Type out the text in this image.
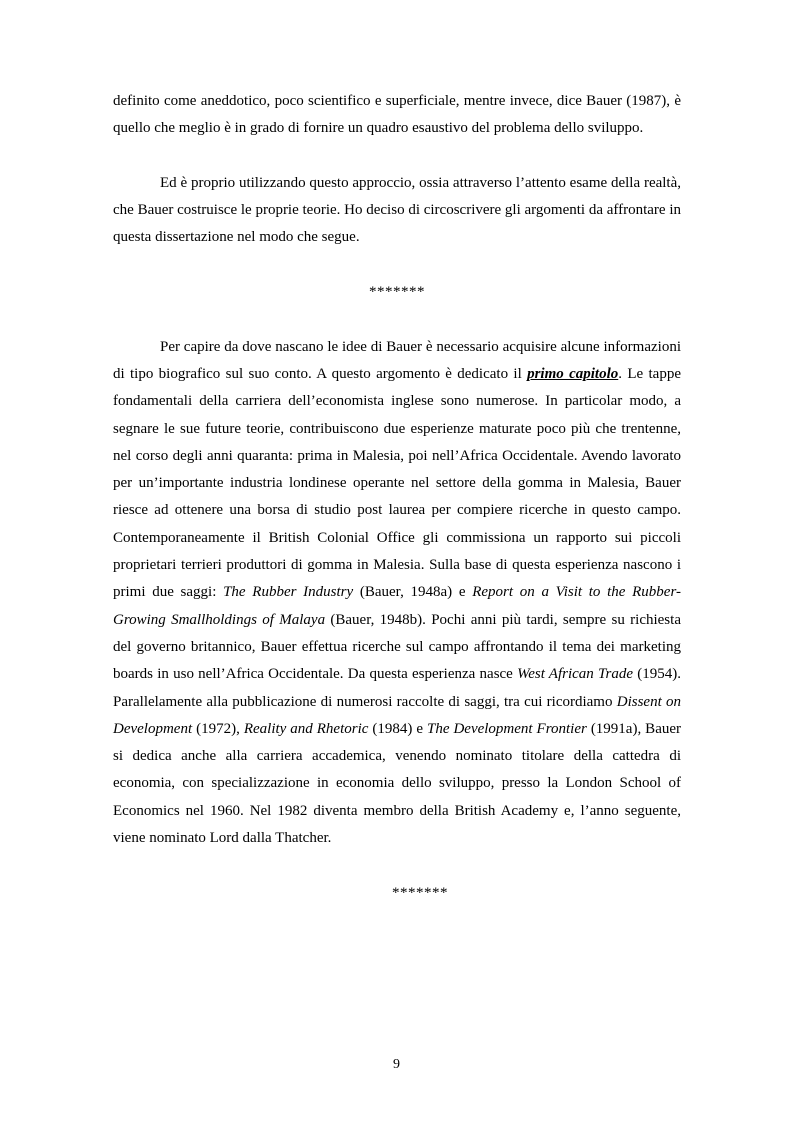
definito come aneddotico, poco scientifico e superficiale, mentre invece, dice Bauer (1987), è quello che meglio è in grado di fornire un quadro esaustivo del problema dello sviluppo.

Ed è proprio utilizzando questo approccio, ossia attraverso l’attento esame della realtà, che Bauer costruisce le proprie teorie. Ho deciso di circoscrivere gli argomenti da affrontare in questa dissertazione nel modo che segue.

*******

Per capire da dove nascano le idee di Bauer è necessario acquisire alcune informazioni di tipo biografico sul suo conto. A questo argomento è dedicato il primo capitolo. Le tappe fondamentali della carriera dell’economista inglese sono numerose. In particolar modo, a segnare le sue future teorie, contribuiscono due esperienze maturate poco più che trentenne, nel corso degli anni quaranta: prima in Malesia, poi nell’Africa Occidentale. Avendo lavorato per un’importante industria londinese operante nel settore della gomma in Malesia, Bauer riesce ad ottenere una borsa di studio post laurea per compiere ricerche in questo campo. Contemporaneamente il British Colonial Office gli commissiona un rapporto sui piccoli proprietari terrieri produttori di gomma in Malesia. Sulla base di questa esperienza nascono i primi due saggi: The Rubber Industry (Bauer, 1948a) e Report on a Visit to the Rubber-Growing Smallholdings of Malaya (Bauer, 1948b). Pochi anni più tardi, sempre su richiesta del governo britannico, Bauer effettua ricerche sul campo affrontando il tema dei marketing boards in uso nell’Africa Occidentale. Da questa esperienza nasce West African Trade (1954). Parallelamente alla pubblicazione di numerosi raccolte di saggi, tra cui ricordiamo Dissent on Development (1972), Reality and Rhetoric (1984) e The Development Frontier (1991a), Bauer si dedica anche alla carriera accademica, venendo nominato titolare della cattedra di economia, con specializzazione in economia dello sviluppo, presso la London School of Economics nel 1960. Nel 1982 diventa membro della British Academy e, l’anno seguente, viene nominato Lord dalla Thatcher.

*******
9
